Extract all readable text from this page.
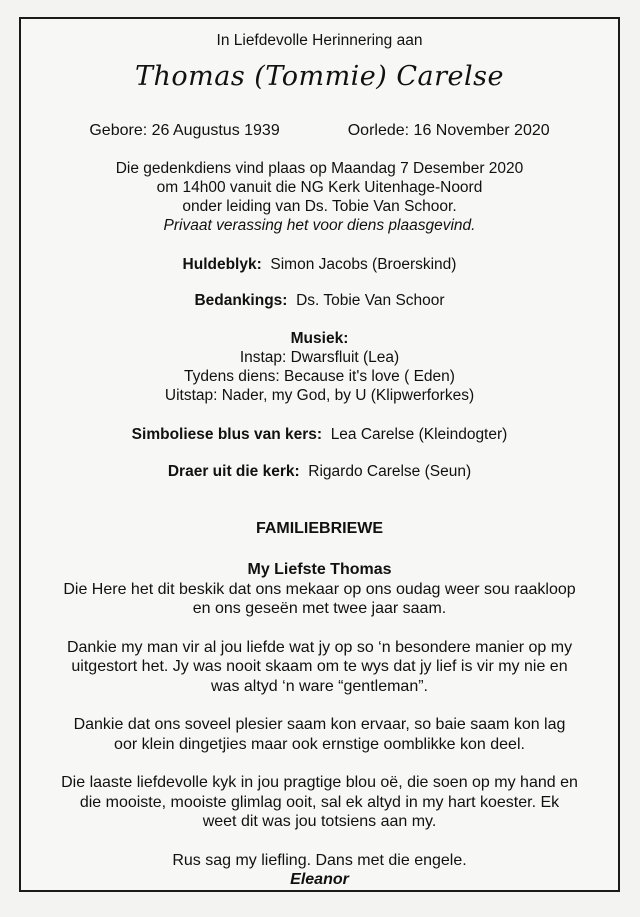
In Liefdevolle Herinnering aan
Thomas (Tommie) Carelse
Gebore: 26 Augustus 1939	Oorlede: 16 November 2020
Die gedenkdiens vind plaas op Maandag 7 Desember 2020
om 14h00 vanuit die NG Kerk Uitenhage-Noord
onder leiding van Ds. Tobie Van Schoor.
Privaat verassing het voor diens plaasgevind.
Huldeblyk: Simon Jacobs (Broerskind)
Bedankings: Ds. Tobie Van Schoor
Musiek:
Instap: Dwarsfluit (Lea)
Tydens diens: Because it's love ( Eden)
Uitstap: Nader, my God, by U (Klipwerforkes)
Simboliese blus van kers: Lea Carelse (Kleindogter)
Draer uit die kerk: Rigardo Carelse (Seun)
FAMILIEBRIEWE

My Liefste Thomas

Die Here het dit beskik dat ons mekaar op ons oudag weer sou raakloop
en ons geseën met twee jaar saam.

Dankie my man vir al jou liefde wat jy op so ‘n besondere manier op my
uitgestort het. Jy was nooit skaam om te wys dat jy lief is vir my nie en
was altyd ‘n ware “gentleman”.

Dankie dat ons soveel plesier saam kon ervaar, so baie saam kon lag
oor klein dingetjies maar ook ernstige oomblikke kon deel.

Die laaste liefdevolle kyk in jou pragtige blou oë, die soen op my hand en
die mooiste, mooiste glimlag ooit, sal ek altyd in my hart koester. Ek
weet dit was jou totsiens aan my.

Rus sag my liefling. Dans met die engele.
Eleanor
